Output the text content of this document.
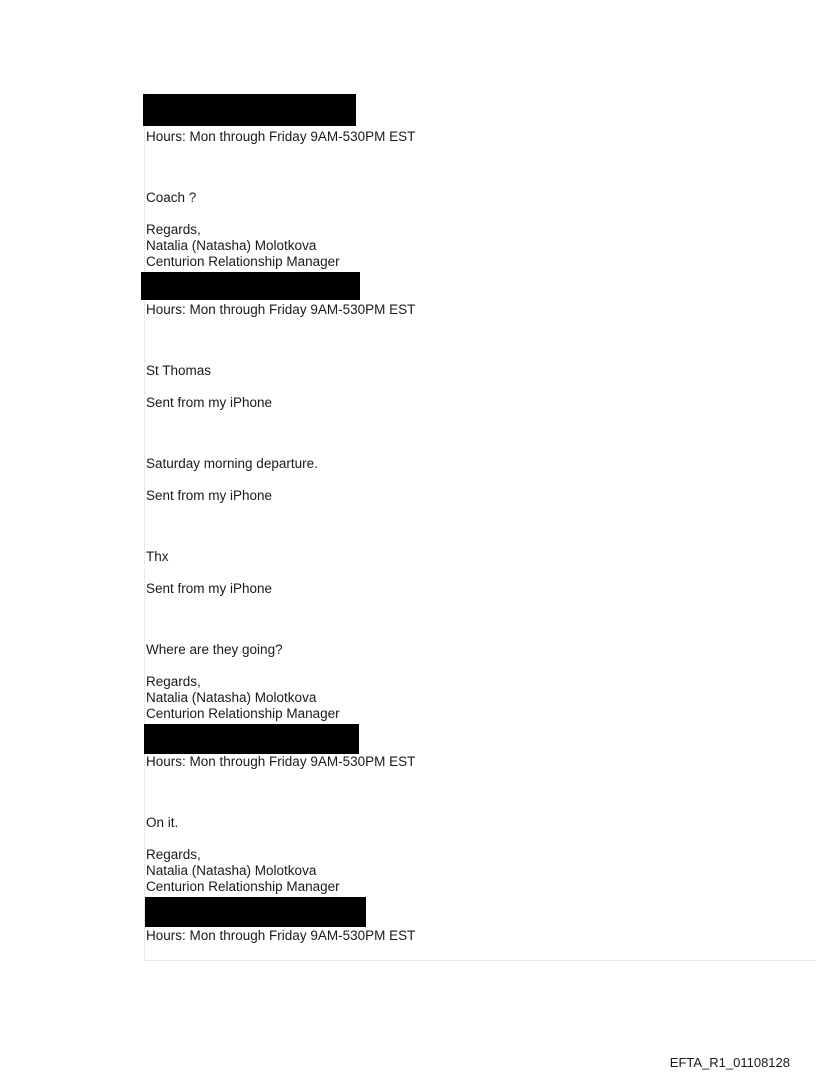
Hours: Mon through Friday 9AM-530PM EST
Coach ?
Regards,
Natalia (Natasha) Molotkova
Centurion Relationship Manager
Hours: Mon through Friday 9AM-530PM EST
St Thomas
Sent from my iPhone
Saturday morning departure.
Sent from my iPhone
Thx
Sent from my iPhone
Where are they going?
Regards,
Natalia (Natasha) Molotkova
Centurion Relationship Manager
Hours: Mon through Friday 9AM-530PM EST
On it.
Regards,
Natalia (Natasha) Molotkova
Centurion Relationship Manager
Hours: Mon through Friday 9AM-530PM EST
EFTA_R1_01108128
